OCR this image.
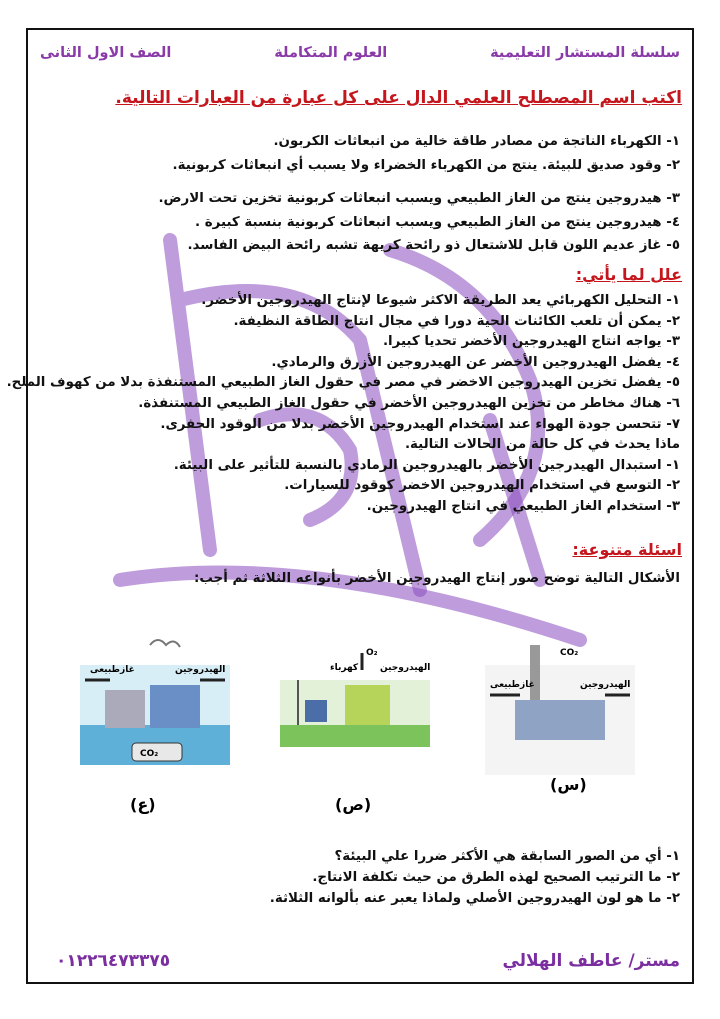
سلسلة المستشار التعليمية
العلوم المتكاملة
الصف الاول الثانى
اكتب اسم المصطلح العلمي الدال على كل عبارة من العبارات التالية.
١- الكهرباء الناتجة من مصادر طاقة خالية من انبعاثات الكربون.
٢- وقود صديق للبيئة. ينتج من الكهرباء الخضراء ولا يسبب أي انبعاثات كربونية.
٣- هيدروجين ينتج من الغاز الطبيعي ويسبب انبعاثات كربونية تخزين تحت الارض.
٤- هيدروجين ينتج من الغاز الطبيعي ويسبب انبعاثات كربونية بنسبة كبيرة .
٥- غاز عديم اللون قابل للاشتعال ذو رائحة كريهة تشبه رائحة البيض الفاسد.
علل لما يأتي:
١- التحليل الكهربائي يعد الطريقة الاكثر شيوعا لإنتاج الهيدروجين الأخضر.
٢- يمكن أن تلعب الكائنات الحية دورا في مجال انتاج الطاقة النظيفة.
٣- يواجه انتاج الهيدروجين الأخضر تحديا كبيرا.
٤- يفضل الهيدروجين الأخضر عن الهيدروجين الأزرق والرمادي.
٥- يفضل تخزين الهيدروجين الاخضر في مصر في حقول الغاز الطبيعي المستنفذة بدلا من كهوف الملح.
٦- هناك مخاطر من تخزين الهيدروجين الأخضر في حقول الغاز الطبيعي المستنفذة.
٧- تتحسن جودة الهواء عند استخدام الهيدروجين الأخضر بدلا من الوقود الحفرى.
ماذا يحدث في كل حالة من الحالات التالية.
١- استبدال الهيدرجين الأخضر بالهيدروجين الرمادي بالنسبة للتأثير على البيئة.
٢- التوسع في استخدام الهيدروجين الاخضر كوقود للسيارات.
٣- استخدام الغاز الطبيعي في انتاج الهيدروجين.
اسئلة متنوعة:
الأشكال التالية توضح صور إنتاج الهيدروجين الأخضر بأنواعه الثلاثة ثم أجب:
غازطبيعى	الهيدروجين
CO₂
كهرباء الهيدروجين
O₂
غازطبيعى	الهيدروجين
CO₂
(ع)	(ص)
(س)
١- أي من الصور السابقة هي الأكثر ضررا علي البيئة؟
٢- ما الترتيب الصحيح لهذه الطرق من حيث تكلفة الانتاج.
٢- ما هو لون الهيدروجين الأصلي ولماذا يعبر عنه بألوانه الثلاثة.
٠١٢٢٦٤٧٣٣٧٥	مستر/ عاطف الهلالي
